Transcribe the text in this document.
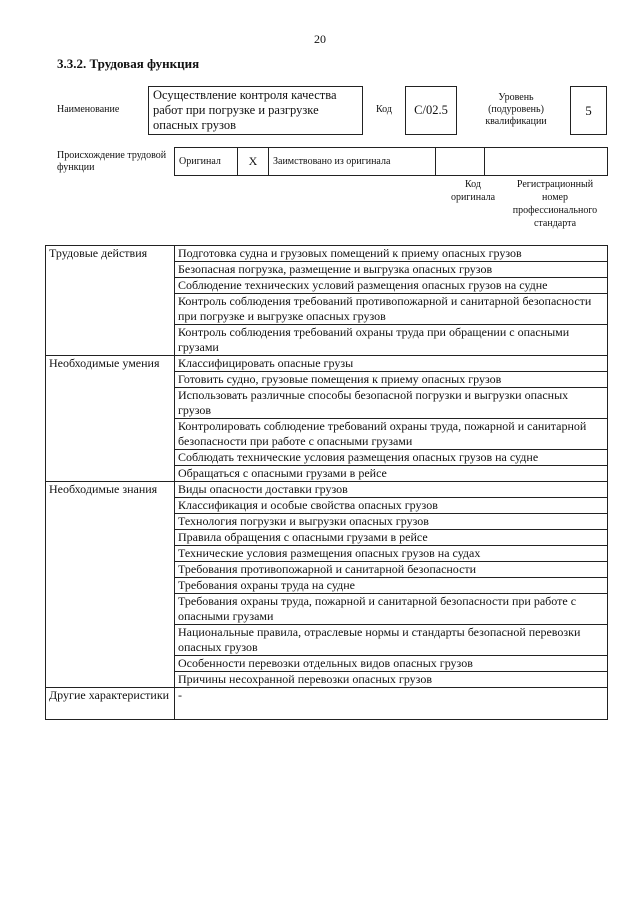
20
3.3.2. Трудовая функция
Наименование
Осуществление контроля качества работ при погрузке и разгрузке опасных грузов
Код	С/02.5
Уровень (подуровень) квалификации
5
Происхождение трудовой функции
Оригинал	X	Заимствовано из оригинала		
Код оригинала
Регистрационный номер профессионального стандарта
Трудовые действия	Подготовка судна и грузовых помещений к приему опасных грузов
	Безопасная погрузка, размещение и выгрузка опасных грузов
	Соблюдение технических условий размещения опасных грузов на судне
	Контроль соблюдения требований противопожарной и санитарной безопасности при погрузке и выгрузке опасных грузов
	Контроль соблюдения требований охраны труда при обращении с опасными грузами
Необходимые умения	Классифицировать опасные грузы
	Готовить судно, грузовые помещения к приему опасных грузов
	Использовать различные способы безопасной погрузки и выгрузки опасных грузов
	Контролировать соблюдение требований охраны труда, пожарной и санитарной безопасности при работе с опасными грузами
	Соблюдать технические условия размещения опасных грузов на судне
	Обращаться с опасными грузами в рейсе
Необходимые знания	Виды опасности доставки грузов
	Классификация и особые свойства опасных грузов
	Технология погрузки и выгрузки опасных грузов
	Правила обращения с опасными грузами в рейсе
	Технические условия размещения опасных грузов на судах
	Требования противопожарной и санитарной безопасности
	Требования охраны труда на судне
	Требования охраны труда, пожарной и санитарной безопасности при работе с опасными грузами
	Национальные правила, отраслевые нормы и стандарты безопасной перевозки опасных грузов
	Особенности перевозки отдельных видов опасных грузов
	Причины несохранной перевозки опасных грузов
Другие характеристики	-
